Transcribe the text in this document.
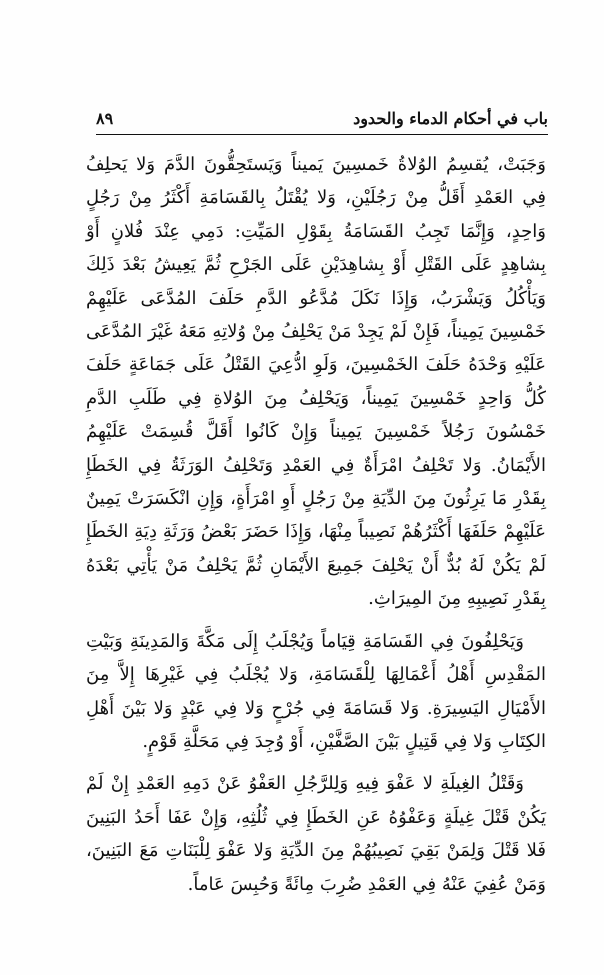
باب في أحكام الدماء والحدود
٨٩

وَجَبَتْ، يُقسِمُ الوُلاةُ خَمسِينَ يَميناً وَيَستَحِقُّونَ الدَّمَ وَلا يَحلِفُ فِي العَمْدِ أَقَلُّ مِنْ رَجُلَيْنِ، وَلا يُقْتَلُ بِالقَسَامَةِ أَكْثَرُ مِنْ رَجُلٍ وَاحِدٍ، وَإِنَّمَا تَجِبُ القَسَامَةُ بِقَوْلِ المَيِّتِ: دَمِي عِنْدَ فُلانٍ أَوْ بِشاهِدٍ عَلَى القَتْلِ أَوْ بِشاهِدَيْنِ عَلَى الجَرْحِ ثُمَّ يَعِيشُ بَعْدَ ذَلِكَ وَيَأْكُلُ وَيَشْرَبُ، وَإِذَا نَكَلَ مُدَّعُو الدَّمِ حَلَفَ المُدَّعَى عَلَيْهِمْ خَمْسِينَ يَمِيناً، فَإِنْ لَمْ يَجِدْ مَنْ يَحْلِفُ مِنْ وُلاتِهِ مَعَهُ غَيْرَ المُدَّعَى عَلَيْهِ وَحْدَهُ حَلَفَ الخَمْسِينَ، وَلَوِ ادُّعِيَ القَتْلُ عَلَى جَمَاعَةٍ حَلَفَ كُلُّ وَاحِدٍ خَمْسِينَ يَمِيناً، وَيَحْلِفُ مِنَ الوُلاةِ فِي طَلَبِ الدَّمِ خَمْسُونَ رَجُلاً خَمْسِينَ يَمِيناً وَإِنْ كَانُوا أَقَلَّ قُسِمَتْ عَلَيْهِمُ الأَيْمَانُ. وَلا تَحْلِفُ امْرَأَةٌ فِي العَمْدِ وَتَحْلِفُ الوَرَثَةُ فِي الخَطَإِ بِقَدْرِ مَا يَرِثُونَ مِنَ الدِّيَةِ مِنْ رَجُلٍ أَوِ امْرَأَةٍ، وَإِنِ انْكَسَرَتْ يَمِينٌ عَلَيْهِمْ حَلَفَهَا أَكْثَرُهُمْ نَصِيباً مِنْهَا، وَإِذَا حَضَرَ بَعْضُ وَرَثَةِ دِيَةِ الخَطَإِ لَمْ يَكُنْ لَهُ بُدٌّ أَنْ يَحْلِفَ جَمِيعَ الأَيْمَانِ ثُمَّ يَحْلِفُ مَنْ يَأْتِي بَعْدَهُ بِقَدْرِ نَصِيبِهِ مِنَ المِيرَاثِ.

وَيَحْلِفُونَ فِي القَسَامَةِ قِيَاماً وَيُجْلَبُ إِلَى مَكَّةَ وَالمَدِينَةِ وَبَيْتِ المَقْدِسِ أَهْلُ أَعْمَالِهَا لِلْقَسَامَةِ، وَلا يُجْلَبُ فِي غَيْرِهَا إِلاَّ مِنَ الأَمْيَالِ اليَسِيرَةِ. وَلا قَسَامَةَ فِي جُرْحٍ وَلا فِي عَبْدٍ وَلا بَيْنَ أَهْلِ الكِتَابِ وَلا فِي قَتِيلٍ بَيْنَ الصَّفَّيْنِ، أَوْ وُجِدَ فِي مَحَلَّةِ قَوْمٍ.

وَقَتْلُ الغِيلَةِ لا عَفْوَ فِيهِ وَلِلرَّجُلِ العَفْوُ عَنْ دَمِهِ العَمْدِ إِنْ لَمْ يَكُنْ قَتْلَ غِيلَةٍ وَعَفْوُهُ عَنِ الخَطَإِ فِي ثُلُثِهِ، وَإِنْ عَفَا أَحَدُ البَنِينَ فَلا قَتْلَ وَلِمَنْ بَقِيَ نَصِيبُهُمْ مِنَ الدِّيَةِ وَلا عَفْوَ لِلْبَنَاتِ مَعَ البَنِينَ، وَمَنْ عُفِيَ عَنْهُ فِي العَمْدِ ضُرِبَ مِائَةً وَحُبِسَ عَاماً.
